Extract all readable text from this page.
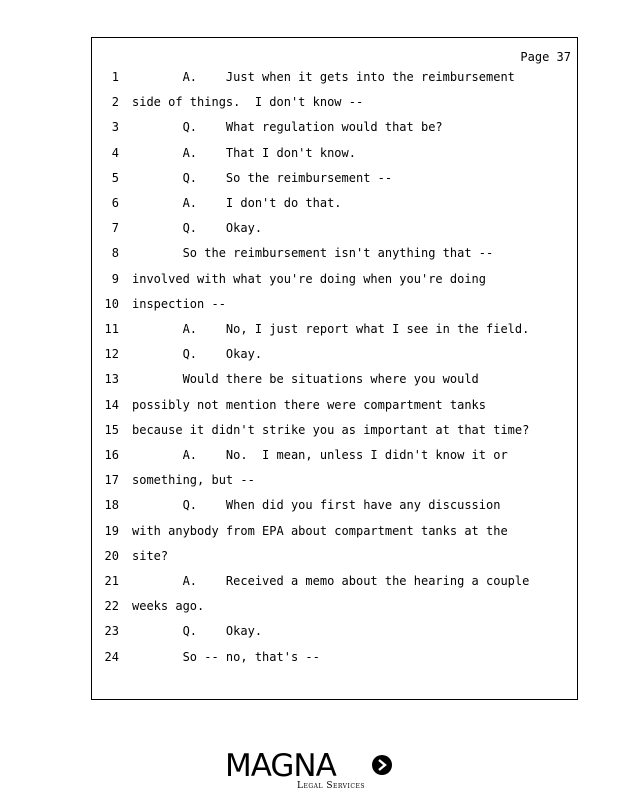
Page 37
1 A.    Just when it gets into the reimbursement
2 side of things.  I don't know --
3 Q.    What regulation would that be?
4 A.    That I don't know.
5 Q.    So the reimbursement --
6 A.    I don't do that.
7 Q.    Okay.
8 So the reimbursement isn't anything that --
9 involved with what you're doing when you're doing
10 inspection --
11 A.    No, I just report what I see in the field.
12 Q.    Okay.
13 Would there be situations where you would
14 possibly not mention there were compartment tanks
15 because it didn't strike you as important at that time?
16 A.    No.  I mean, unless I didn't know it or
17 something, but --
18 Q.    When did you first have any discussion
19 with anybody from EPA about compartment tanks at the
20 site?
21 A.    Received a memo about the hearing a couple
22 weeks ago.
23 Q.    Okay.
24 So -- no, that's --
MAGNA
Legal Services
